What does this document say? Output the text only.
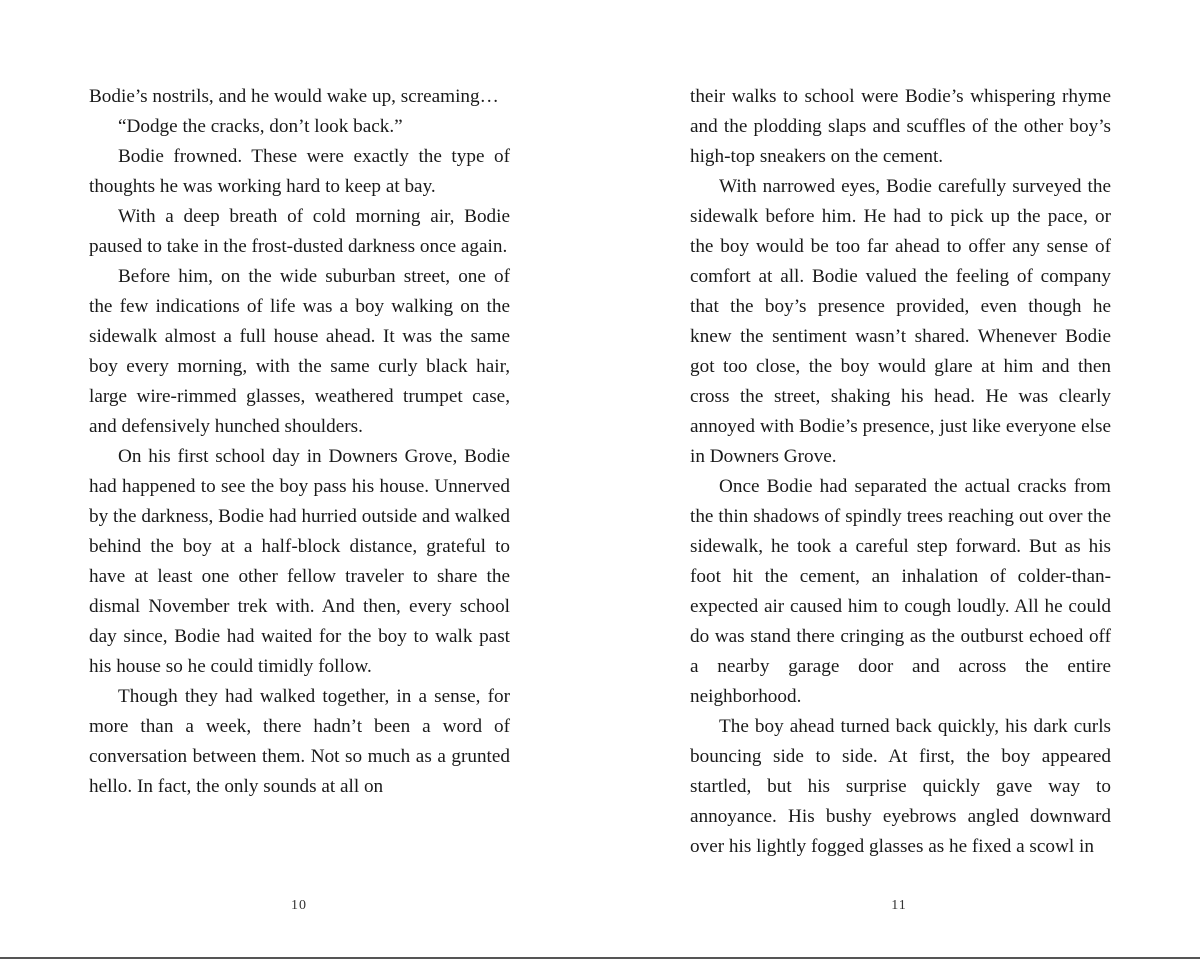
Bodie’s nostrils, and he would wake up, screaming…

“Dodge the cracks, don’t look back.”

Bodie frowned. These were exactly the type of thoughts he was working hard to keep at bay.

With a deep breath of cold morning air, Bodie paused to take in the frost-dusted darkness once again.

Before him, on the wide suburban street, one of the few indications of life was a boy walking on the sidewalk almost a full house ahead. It was the same boy every morning, with the same curly black hair, large wire-rimmed glasses, weathered trumpet case, and defensively hunched shoulders.

On his first school day in Downers Grove, Bodie had happened to see the boy pass his house. Unnerved by the darkness, Bodie had hurried outside and walked behind the boy at a half-block distance, grateful to have at least one other fellow traveler to share the dismal November trek with. And then, every school day since, Bodie had waited for the boy to walk past his house so he could timidly follow.

Though they had walked together, in a sense, for more than a week, there hadn’t been a word of conversation between them. Not so much as a grunted hello. In fact, the only sounds at all on

their walks to school were Bodie’s whispering rhyme and the plodding slaps and scuffles of the other boy’s high-top sneakers on the cement.

With narrowed eyes, Bodie carefully surveyed the sidewalk before him. He had to pick up the pace, or the boy would be too far ahead to offer any sense of comfort at all. Bodie valued the feeling of company that the boy’s presence provided, even though he knew the sentiment wasn’t shared. Whenever Bodie got too close, the boy would glare at him and then cross the street, shaking his head. He was clearly annoyed with Bodie’s presence, just like everyone else in Downers Grove.

Once Bodie had separated the actual cracks from the thin shadows of spindly trees reaching out over the sidewalk, he took a careful step forward. But as his foot hit the cement, an inhalation of colder-than-expected air caused him to cough loudly. All he could do was stand there cringing as the outburst echoed off a nearby garage door and across the entire neighborhood.

The boy ahead turned back quickly, his dark curls bouncing side to side. At first, the boy appeared startled, but his surprise quickly gave way to annoyance. His bushy eyebrows angled downward over his lightly fogged glasses as he fixed a scowl in

10	11
